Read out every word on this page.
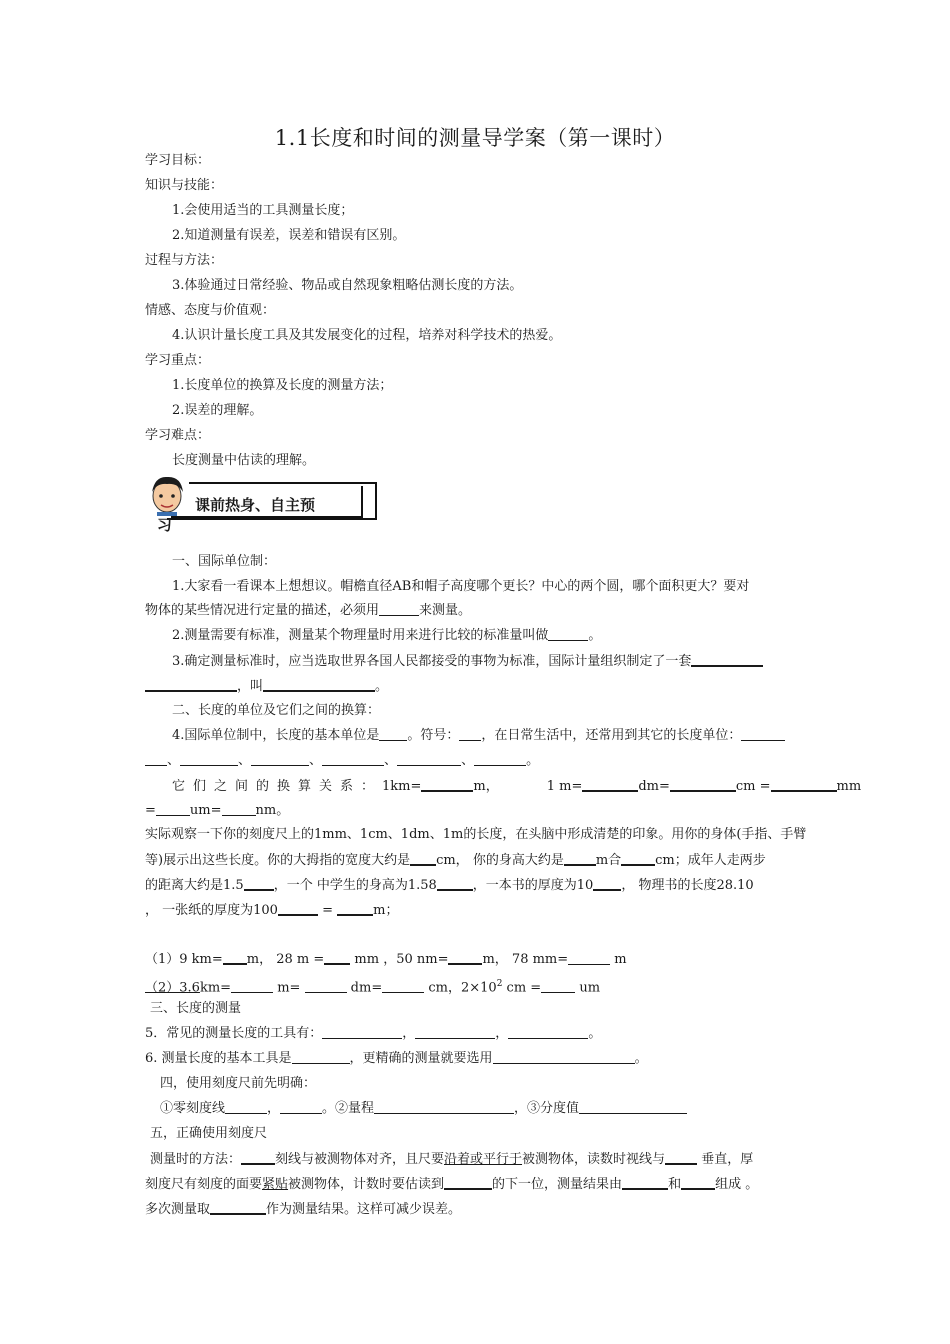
1.1长度和时间的测量导学案（第一课时）
学习目标：
知识与技能：
1.会使用适当的工具测量长度；
2.知道测量有误差，误差和错误有区别。
过程与方法：
3.体验通过日常经验、物品或自然现象粗略估测长度的方法。
情感、态度与价值观：
4.认识计量长度工具及其发展变化的过程，培养对科学技术的热爱。
学习重点：
1.长度单位的换算及长度的测量方法；
2.误差的理解。
学习难点：
长度测量中估读的理解。
课前热身、自主预
习
一、国际单位制：
1.大家看一看课本上想想议。帽檐直径AB和帽子高度哪个更长？中心的两个圆，哪个面积更大？要对
物体的某些情况进行定量的描述，必须用	来测量。
2.测量需要有标准，测量某个物理量时用来进行比较的标准量叫做	。
3.确定测量标准时，应当选取世界各国人民都接受的事物为标准，国际计量组织制定了一套
，叫	。
二、长度的单位及它们之间的换算：
4.国际单位制中，长度的基本单位是 。符号： ，在日常生活中，还常用到其它的长度单位：
、	、	、	、	、	。
它们之间的换算关系：1km=	m，	1 m=	dm=	cm =	mm
=	um=	nm。
实际观察一下你的刻度尺上的1mm、1cm、1dm、1m的长度，在头脑中形成清楚的印象。用你的身体(手指、手臂
等)展示出这些长度。你的大拇指的宽度大约是 cm， 你的身高大约是 m合	cm；成年人走两步
的距离大约是1.5 ，一个 中学生的身高为1.58	，一本书的厚度为10 ， 物理书的长度28.10
， 一张纸的厚度为100	=	m；
（1）9 km= m， 28 m = mm ，50 nm=	m， 78 mm=	m
（2）3.6km=	m=	dm=	cm，$2\times 10^2$ cm =	um
三、长度的测量
5．常见的测量长度的工具有：	，	，	。
6. 测量长度的基本工具是	，更精确的测量就要选用	。
四，使用刻度尺前先明确：
①零刻度线	，	。②量程	，③分度值
五，正确使用刻度尺
测量时的方法：	刻线与被测物体对齐，且尺要沿着或平行于被测物体，读数时视线与 垂直，厚
刻度尺有刻度的面要紧贴被测物体，计数时要估读到	的下一位，测量结果由	和	组成 。
多次测量取	作为测量结果。这样可减少误差。
